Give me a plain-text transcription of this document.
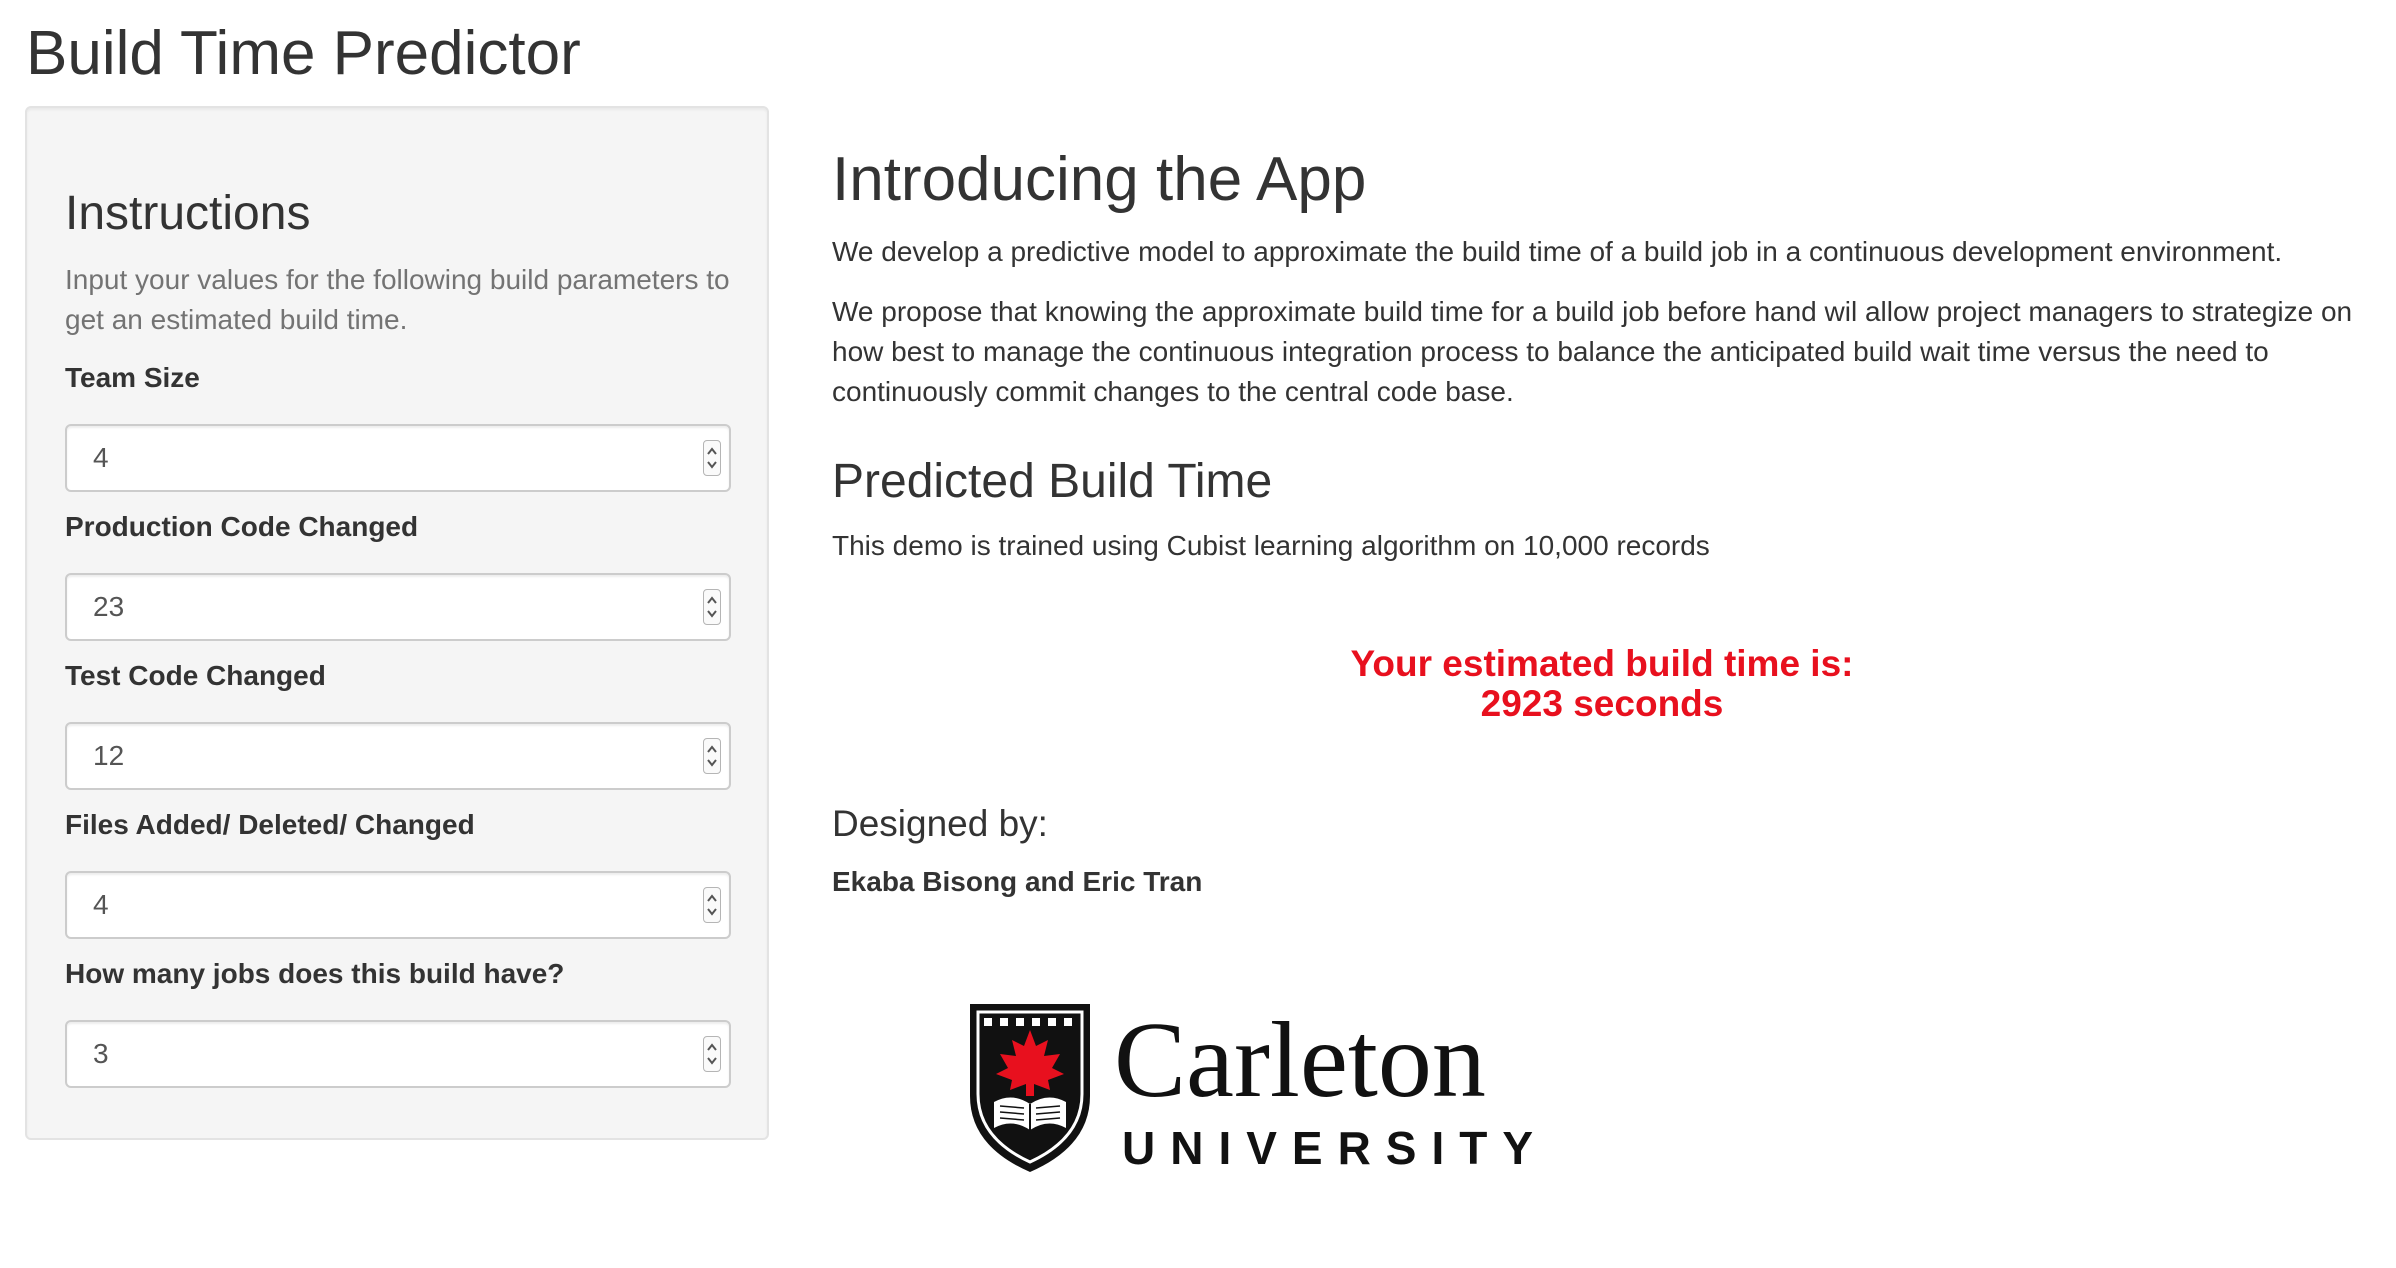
Build Time Predictor
Instructions

Input your values for the following build parameters to get an estimated build time.

Team Size
4
Production Code Changed
23
Test Code Changed
12
Files Added/ Deleted/ Changed
4
How many jobs does this build have?
3
Introducing the App

We develop a predictive model to approximate the build time of a build job in a continuous development environment.

We propose that knowing the approximate build time for a build job before hand wil allow project managers to strategize on how best to manage the continuous integration process to balance the anticipated build wait time versus the need to continuously commit changes to the central code base.

Predicted Build Time

This demo is trained using Cubist learning algorithm on 10,000 records

Your estimated build time is:
2923 seconds
Designed by:
Ekaba Bisong and Eric Tran
Carleton
UNIVERSITY
